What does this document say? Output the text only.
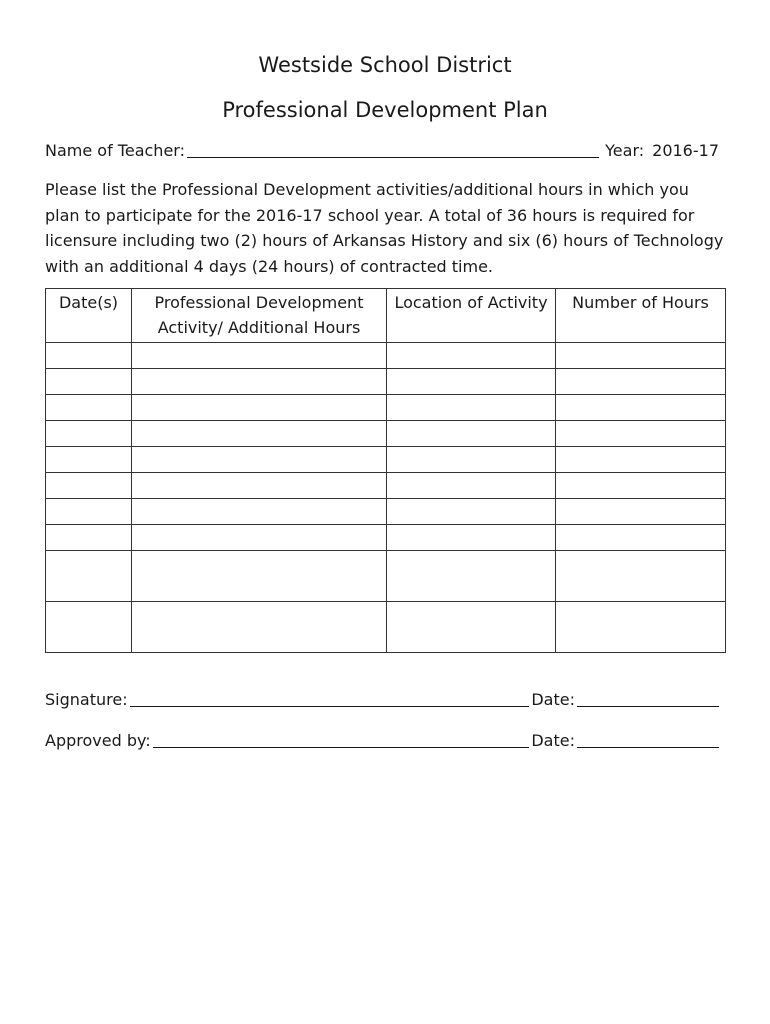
Westside School District
Professional Development Plan
Name of Teacher:	Year: 2016-17

Please list the Professional Development activities/additional hours in which you plan to participate for the 2016-17 school year. A total of 36 hours is required for licensure including two (2) hours of Arkansas History and six (6) hours of Technology with an additional 4 days (24 hours) of contracted time.

Date(s)	Professional Development Activity/ Additional Hours	Location of Activity	Number of Hours

Signature:	Date:
Approved by:	Date:
